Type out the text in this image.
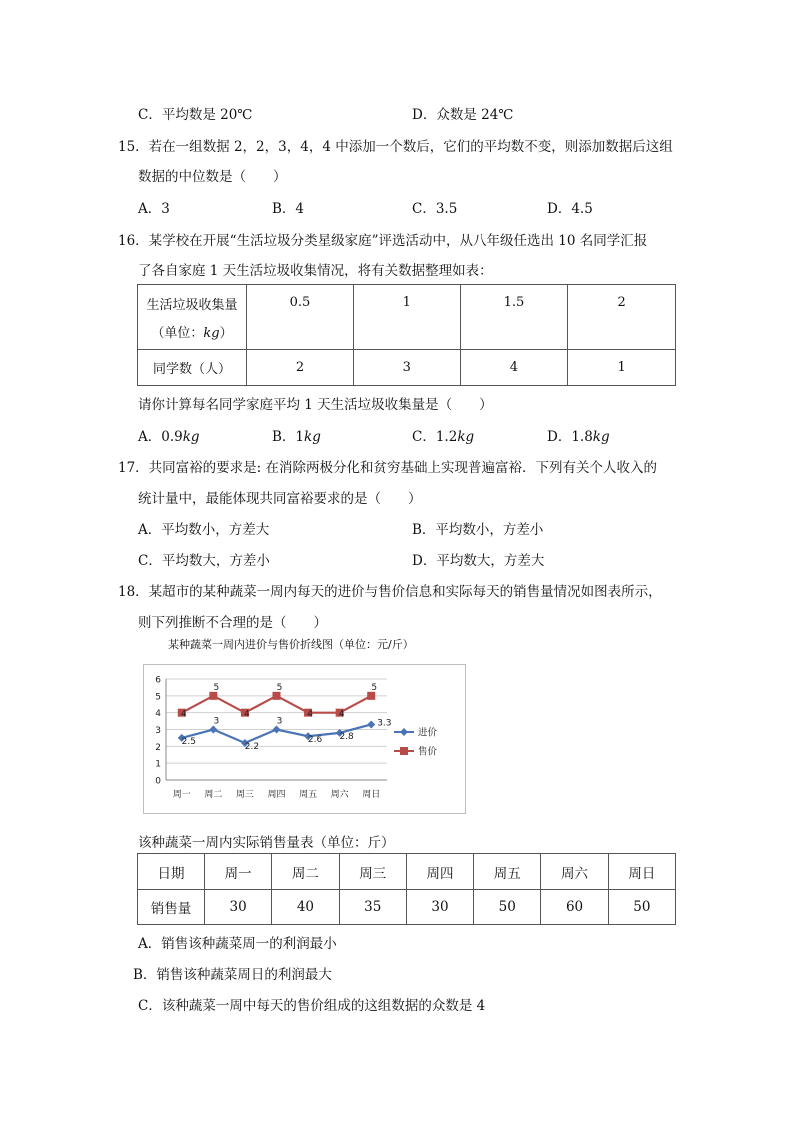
C．平均数是 20℃	D．众数是 24℃
15．若在一组数据 2，2，3，4，4 中添加一个数后，它们的平均数不变，则添加数据后这组
数据的中位数是（　　）
A．3	B．4	C．3.5	D．4.5
16．某学校在开展“生活垃圾分类星级家庭”评选活动中，从八年级任选出 10 名同学汇报
了各自家庭 1 天生活垃圾收集情况，将有关数据整理如表：
生活垃圾收集量
（单位：kg）	0.5	1	1.5	2
同学数（人）	2	3	4	1
请你计算每名同学家庭平均 1 天生活垃圾收集量是（　　）
A．0.9kg	B．1kg	C．1.2kg	D．1.8kg
17．共同富裕的要求是: 在消除两极分化和贫穷基础上实现普遍富裕．下列有关个人收入的
统计量中，最能体现共同富裕要求的是（　　）
A．平均数小，方差大	B．平均数小，方差小
C．平均数大，方差小	D．平均数大，方差大
18．某超市的某种蔬菜一周内每天的进价与售价信息和实际每天的销售量情况如图表所示，
则下列推断不合理的是（　　）
某种蔬菜一周内进价与售价折线图（单位：元/斤）
0
1
2
3
4
5
6
周一 周二 周三 周四 周五 周六 周日
2.5
3
2.2
3
2.6 2.8
3.3
4
5
4
5
4	4
5
进价
售价
该种蔬菜一周内实际销售量表（单位：斤）
日期	周一	周二	周三	周四	周五	周六	周日
销售量	30	40	35	30	50	60	50
A．销售该种蔬菜周一的利润最小
B．销售该种蔬菜周日的利润最大
C．该种蔬菜一周中每天的售价组成的这组数据的众数是 4
